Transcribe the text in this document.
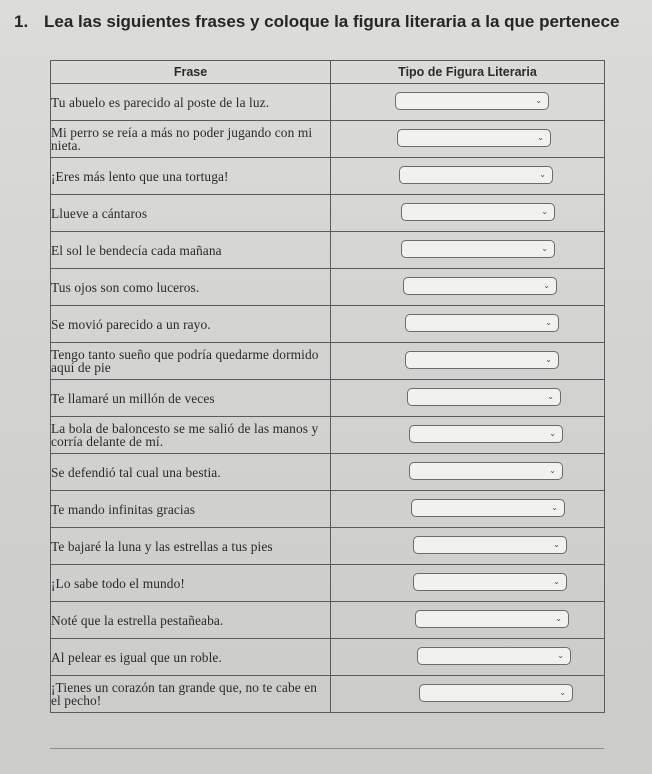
1. Lea las siguientes frases y coloque la figura literaria a la que pertenece
Frase	Tipo de Figura Literaria
Tu abuelo es parecido al poste de la luz.	⌄

Mi perro se reía a más no poder jugando con mi nieta.	⌄

¡Eres más lento que una tortuga!	⌄

Llueve a cántaros	⌄

El sol le bendecía cada mañana	⌄

Tus ojos son como luceros.	⌄

Se movió parecido a un rayo.	⌄

Tengo tanto sueño que podría quedarme dormido aquí de pie	⌄

Te llamaré un millón de veces	⌄

La bola de baloncesto se me salió de las manos y corría delante de mí.	⌄

Se defendió tal cual una bestia.	⌄

Te mando infinitas gracias	⌄

Te bajaré la luna y las estrellas a tus pies	⌄

¡Lo sabe todo el mundo!	⌄

Noté que la estrella pestañeaba.	⌄

Al pelear es igual que un roble.	⌄

¡Tienes un corazón tan grande que, no te cabe en el pecho!	⌄
